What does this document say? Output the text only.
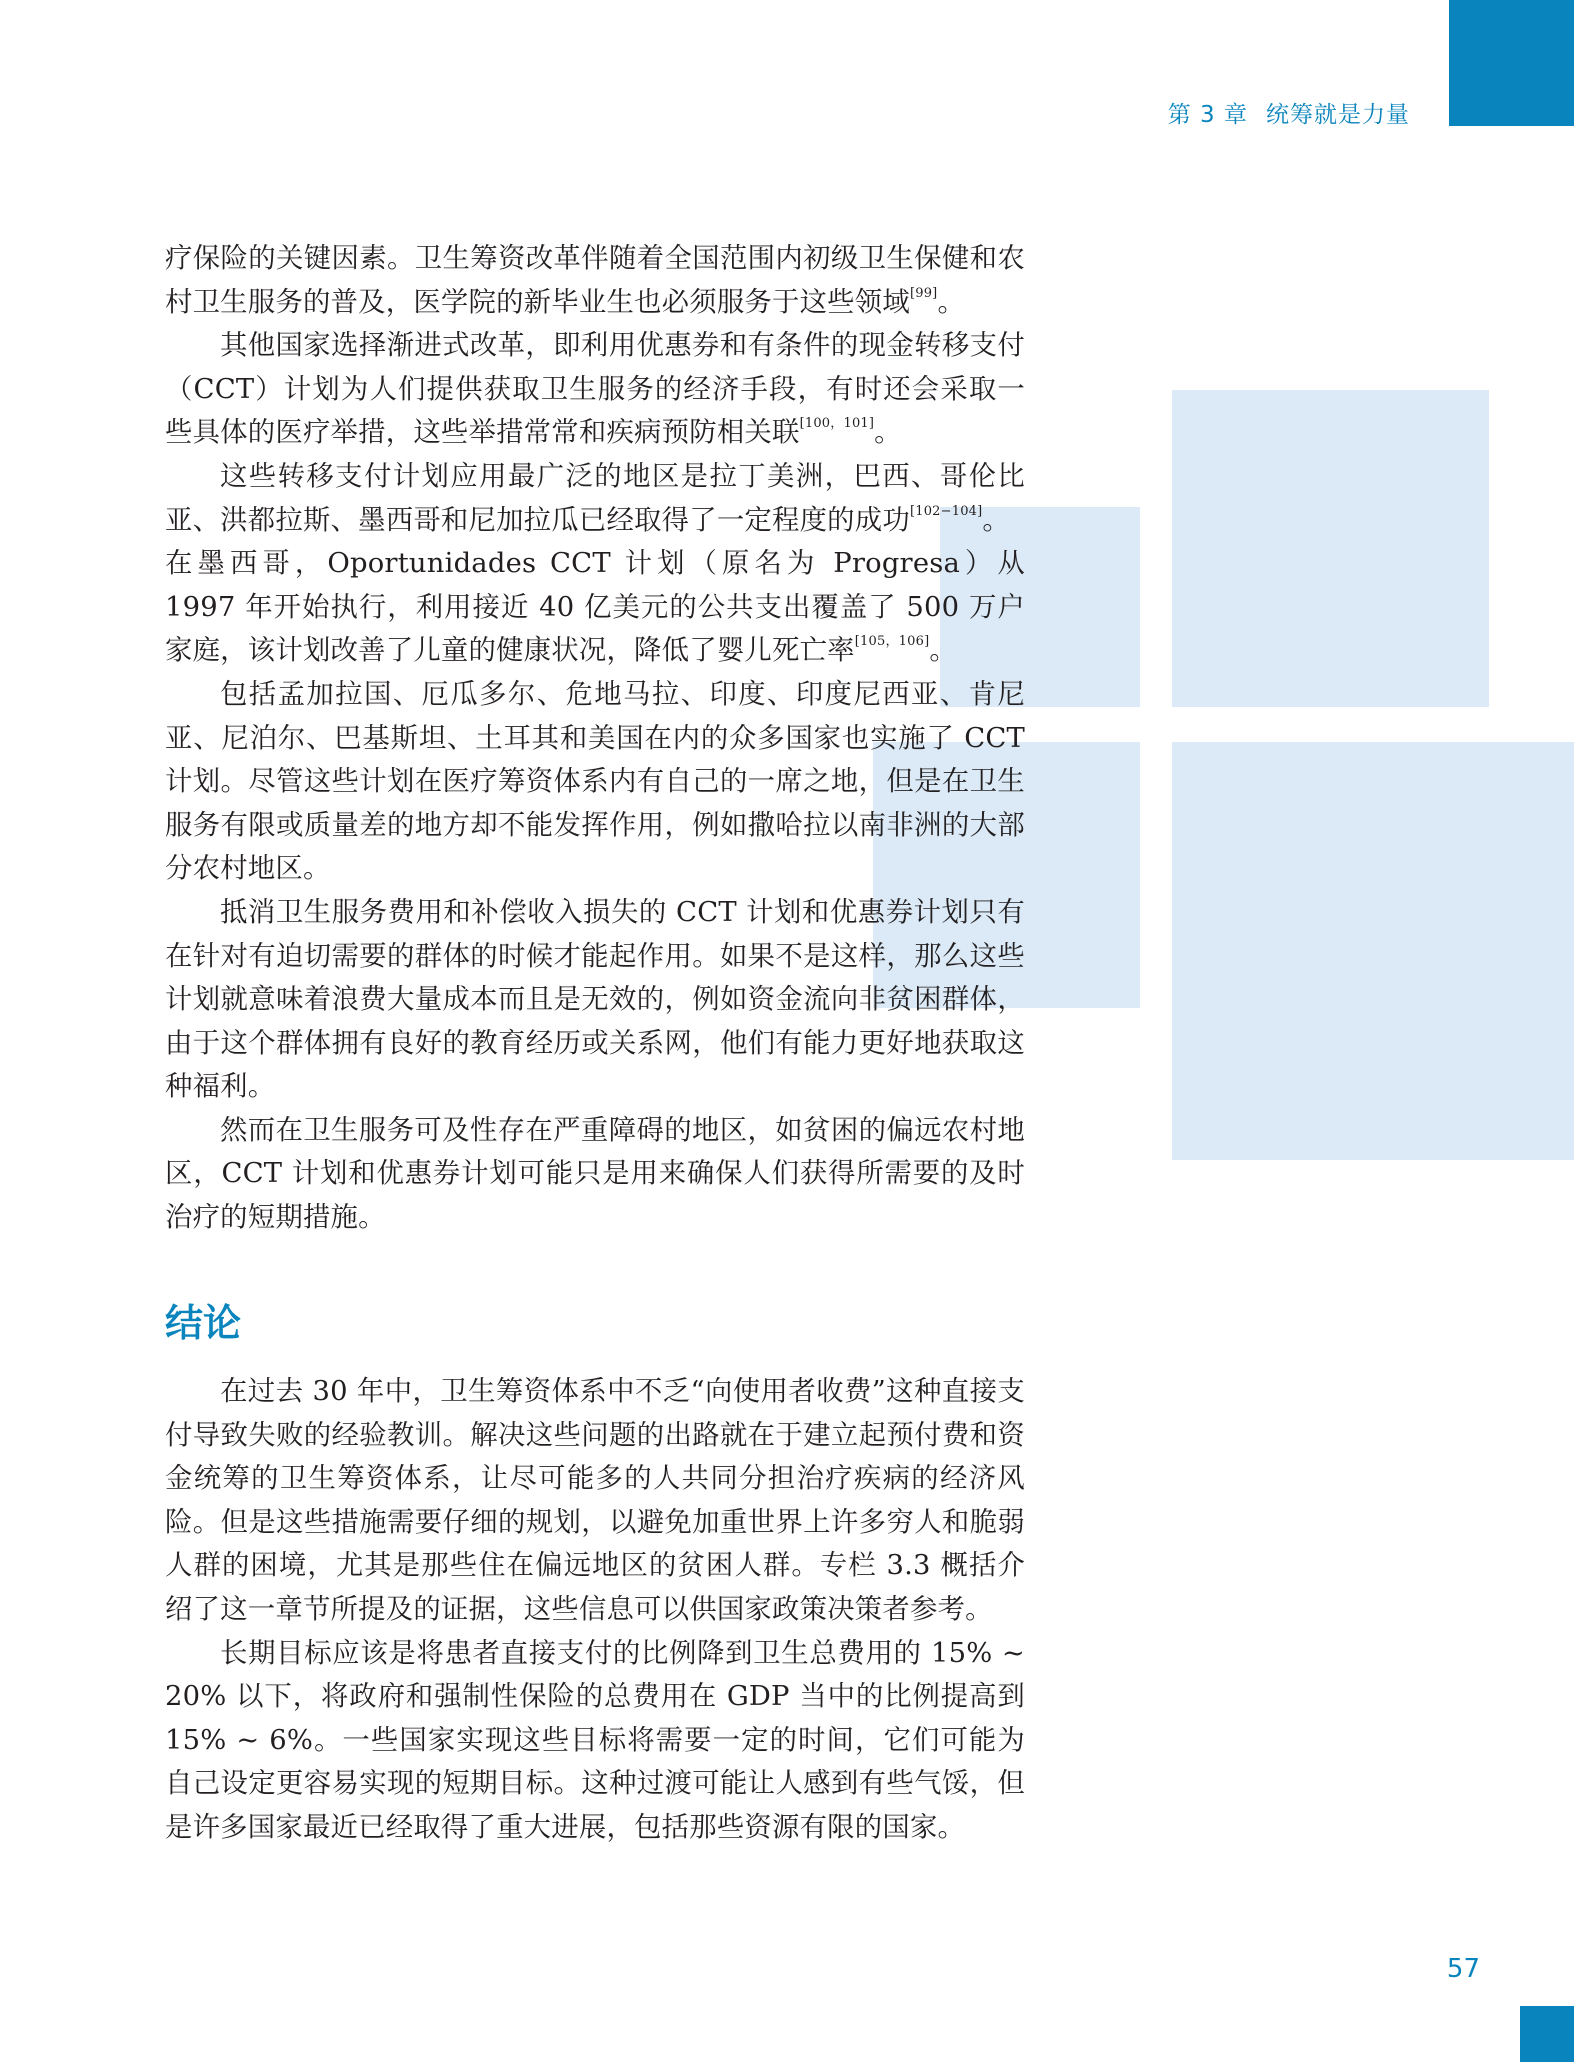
第 3 章 统筹就是力量

疗保险的关键因素。卫生筹资改革伴随着全国范围内初级卫生保健和农村卫生服务的普及，医学院的新毕业生也必须服务于这些领域[99]。

其他国家选择渐进式改革，即利用优惠券和有条件的现金转移支付（CCT）计划为人们提供获取卫生服务的经济手段，有时还会采取一些具体的医疗举措，这些举措常常和疾病预防相关联[100，101]。

这些转移支付计划应用最广泛的地区是拉丁美洲，巴西、哥伦比亚、洪都拉斯、墨西哥和尼加拉瓜已经取得了一定程度的成功[102−104]。

在墨西哥，Oportunidades CCT 计划（原名为 Progresa）从 1997 年开始执行，利用接近 40 亿美元的公共支出覆盖了 500 万户家庭，该计划改善了儿童的健康状况，降低了婴儿死亡率[105，106]。

包括孟加拉国、厄瓜多尔、危地马拉、印度、印度尼西亚、肯尼亚、尼泊尔、巴基斯坦、土耳其和美国在内的众多国家也实施了 CCT 计划。尽管这些计划在医疗筹资体系内有自己的一席之地，但是在卫生服务有限或质量差的地方却不能发挥作用，例如撒哈拉以南非洲的大部分农村地区。

抵消卫生服务费用和补偿收入损失的 CCT 计划和优惠券计划只有在针对有迫切需要的群体的时候才能起作用。如果不是这样，那么这些计划就意味着浪费大量成本而且是无效的，例如资金流向非贫困群体，由于这个群体拥有良好的教育经历或关系网，他们有能力更好地获取这种福利。

然而在卫生服务可及性存在严重障碍的地区，如贫困的偏远农村地区，CCT 计划和优惠券计划可能只是用来确保人们获得所需要的及时治疗的短期措施。

结论

在过去 30 年中，卫生筹资体系中不乏“向使用者收费”这种直接支付导致失败的经验教训。解决这些问题的出路就在于建立起预付费和资金统筹的卫生筹资体系，让尽可能多的人共同分担治疗疾病的经济风险。但是这些措施需要仔细的规划，以避免加重世界上许多穷人和脆弱人群的困境，尤其是那些住在偏远地区的贫困人群。专栏 3.3 概括介绍了这一章节所提及的证据，这些信息可以供国家政策决策者参考。

长期目标应该是将患者直接支付的比例降到卫生总费用的 15% ~ 20% 以下，将政府和强制性保险的总费用在 GDP 当中的比例提高到 15% ~ 6%。一些国家实现这些目标将需要一定的时间，它们可能为自己设定更容易实现的短期目标。这种过渡可能让人感到有些气馁，但是许多国家最近已经取得了重大进展，包括那些资源有限的国家。

57
